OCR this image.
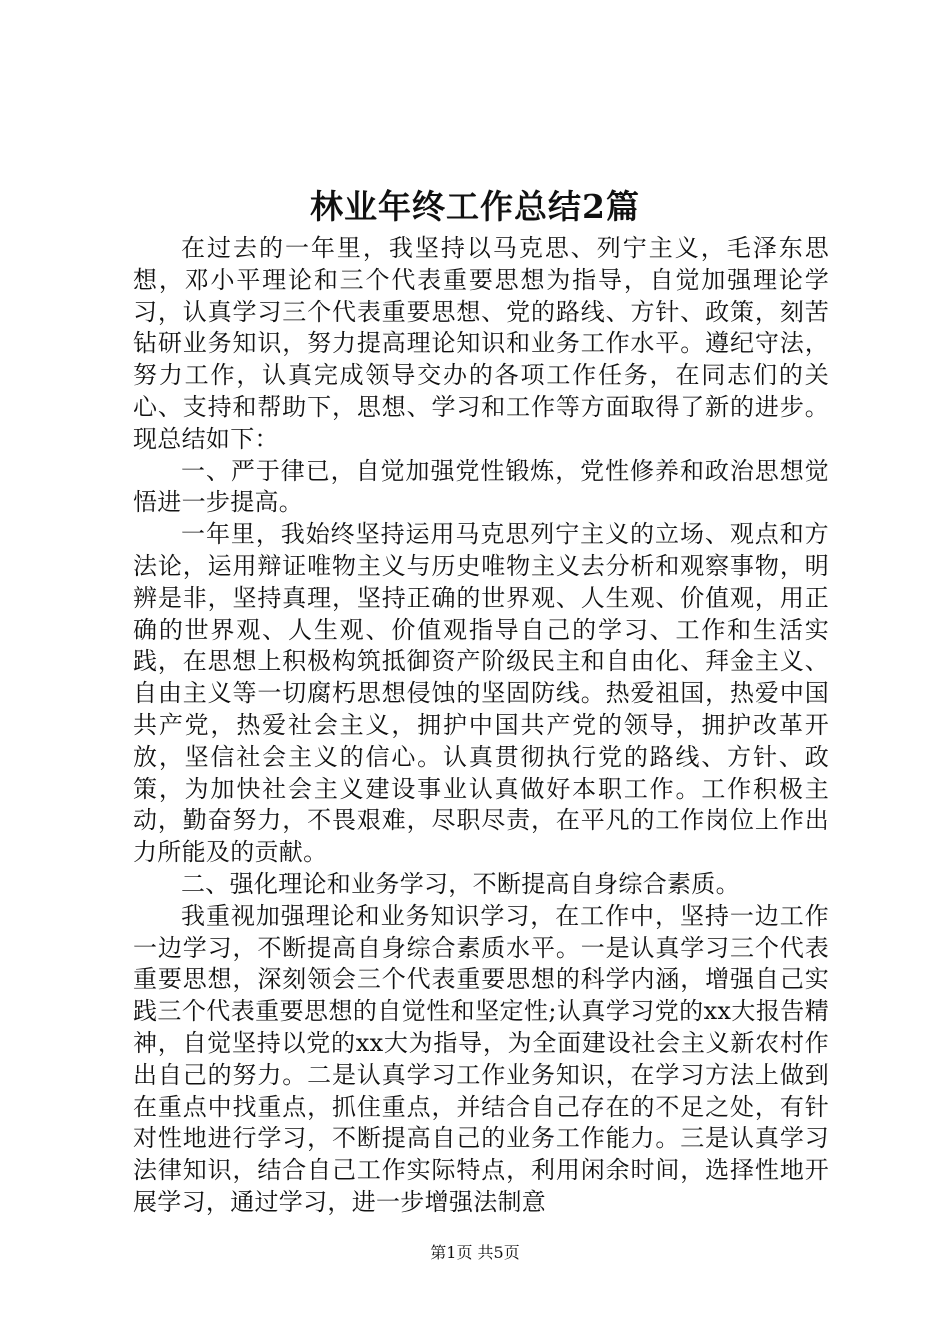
林业年终工作总结2篇

在过去的一年里，我坚持以马克思、列宁主义，毛泽东思想，邓小平理论和三个代表重要思想为指导，自觉加强理论学习，认真学习三个代表重要思想、党的路线、方针、政策，刻苦钻研业务知识，努力提高理论知识和业务工作水平。遵纪守法，努力工作，认真完成领导交办的各项工作任务，在同志们的关心、支持和帮助下，思想、学习和工作等方面取得了新的进步。现总结如下：

一、严于律已，自觉加强党性锻炼，党性修养和政治思想觉悟进一步提高。

一年里，我始终坚持运用马克思列宁主义的立场、观点和方法论，运用辩证唯物主义与历史唯物主义去分析和观察事物，明辨是非，坚持真理，坚持正确的世界观、人生观、价值观，用正确的世界观、人生观、价值观指导自己的学习、工作和生活实践，在思想上积极构筑抵御资产阶级民主和自由化、拜金主义、自由主义等一切腐朽思想侵蚀的坚固防线。热爱祖国，热爱中国共产党，热爱社会主义，拥护中国共产党的领导，拥护改革开放，坚信社会主义的信心。认真贯彻执行党的路线、方针、政策，为加快社会主义建设事业认真做好本职工作。工作积极主动，勤奋努力，不畏艰难，尽职尽责，在平凡的工作岗位上作出力所能及的贡献。

二、强化理论和业务学习，不断提高自身综合素质。

我重视加强理论和业务知识学习，在工作中，坚持一边工作一边学习，不断提高自身综合素质水平。一是认真学习三个代表重要思想，深刻领会三个代表重要思想的科学内涵，增强自己实践三个代表重要思想的自觉性和坚定性;认真学习党的xx大报告精神，自觉坚持以党的xx大为指导，为全面建设社会主义新农村作出自己的努力。二是认真学习工作业务知识，在学习方法上做到在重点中找重点，抓住重点，并结合自己存在的不足之处，有针对性地进行学习，不断提高自己的业务工作能力。三是认真学习法律知识，结合自己工作实际特点，利用闲余时间，选择性地开展学习，通过学习，进一步增强法制意

第1页 共5页
